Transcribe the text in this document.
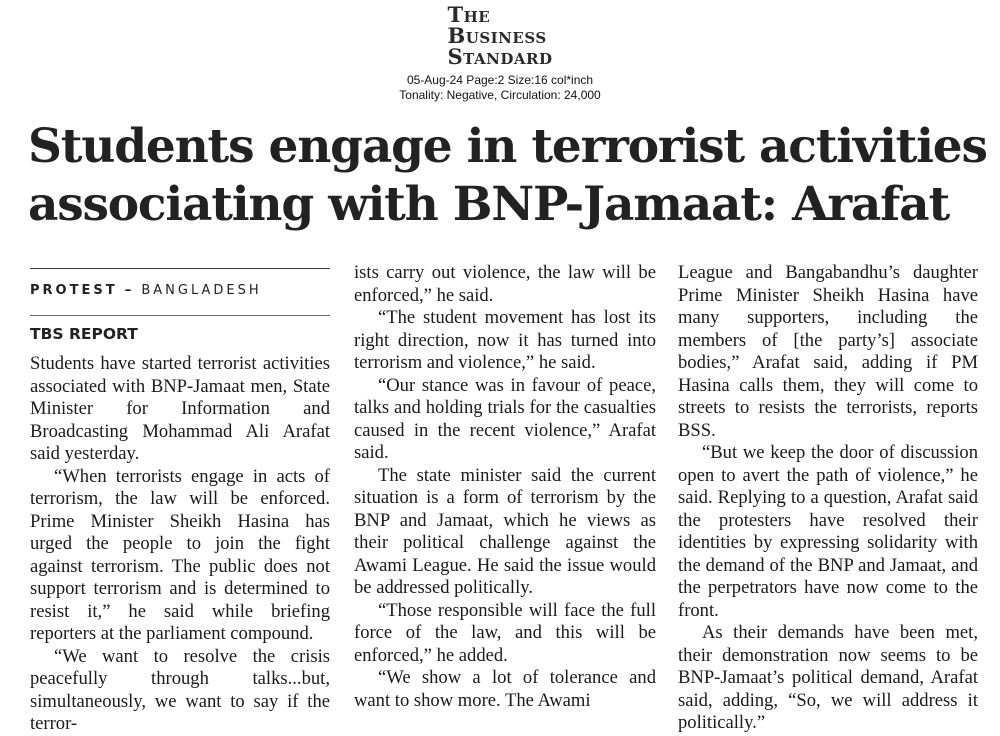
The
Business
Standard
05-Aug-24 Page:2 Size:16 col*inch
Tonality: Negative, Circulation: 24,000
Students engage in terrorist activities
associating with BNP-Jamaat: Arafat
PROTEST – BANGLADESH
TBS REPORT

Students have started terrorist activities associated with BNP-Jamaat men, State Minister for Information and Broadcasting Mohammad Ali Arafat said yesterday.

“When terrorists engage in acts of terrorism, the law will be enforced. Prime Minister Sheikh Hasina has urged the people to join the fight against terrorism. The public does not support terrorism and is determined to resist it,” he said while briefing reporters at the parliament compound.

“We want to resolve the crisis peacefully through talks...but, simultaneously, we want to say if the terror-

ists carry out violence, the law will be enforced,” he said.

“The student movement has lost its right direction, now it has turned into terrorism and violence,” he said.

“Our stance was in favour of peace, talks and holding trials for the casualties caused in the recent violence,” Arafat said.

The state minister said the current situation is a form of terrorism by the BNP and Jamaat, which he views as their political challenge against the Awami League. He said the issue would be addressed politically.

“Those responsible will face the full force of the law, and this will be enforced,” he added.

“We show a lot of tolerance and want to show more. The Awami

League and Bangabandhu’s daughter Prime Minister Sheikh Hasina have many supporters, including the members of [the party’s] associate bodies,” Arafat said, adding if PM Hasina calls them, they will come to streets to resists the terrorists, reports BSS.

“But we keep the door of discussion open to avert the path of violence,” he said. Replying to a question, Arafat said the protesters have resolved their identities by expressing solidarity with the demand of the BNP and Jamaat, and the perpetrators have now come to the front.

As their demands have been met, their demonstration now seems to be BNP-Jamaat’s political demand, Arafat said, adding, “So, we will address it politically.”
